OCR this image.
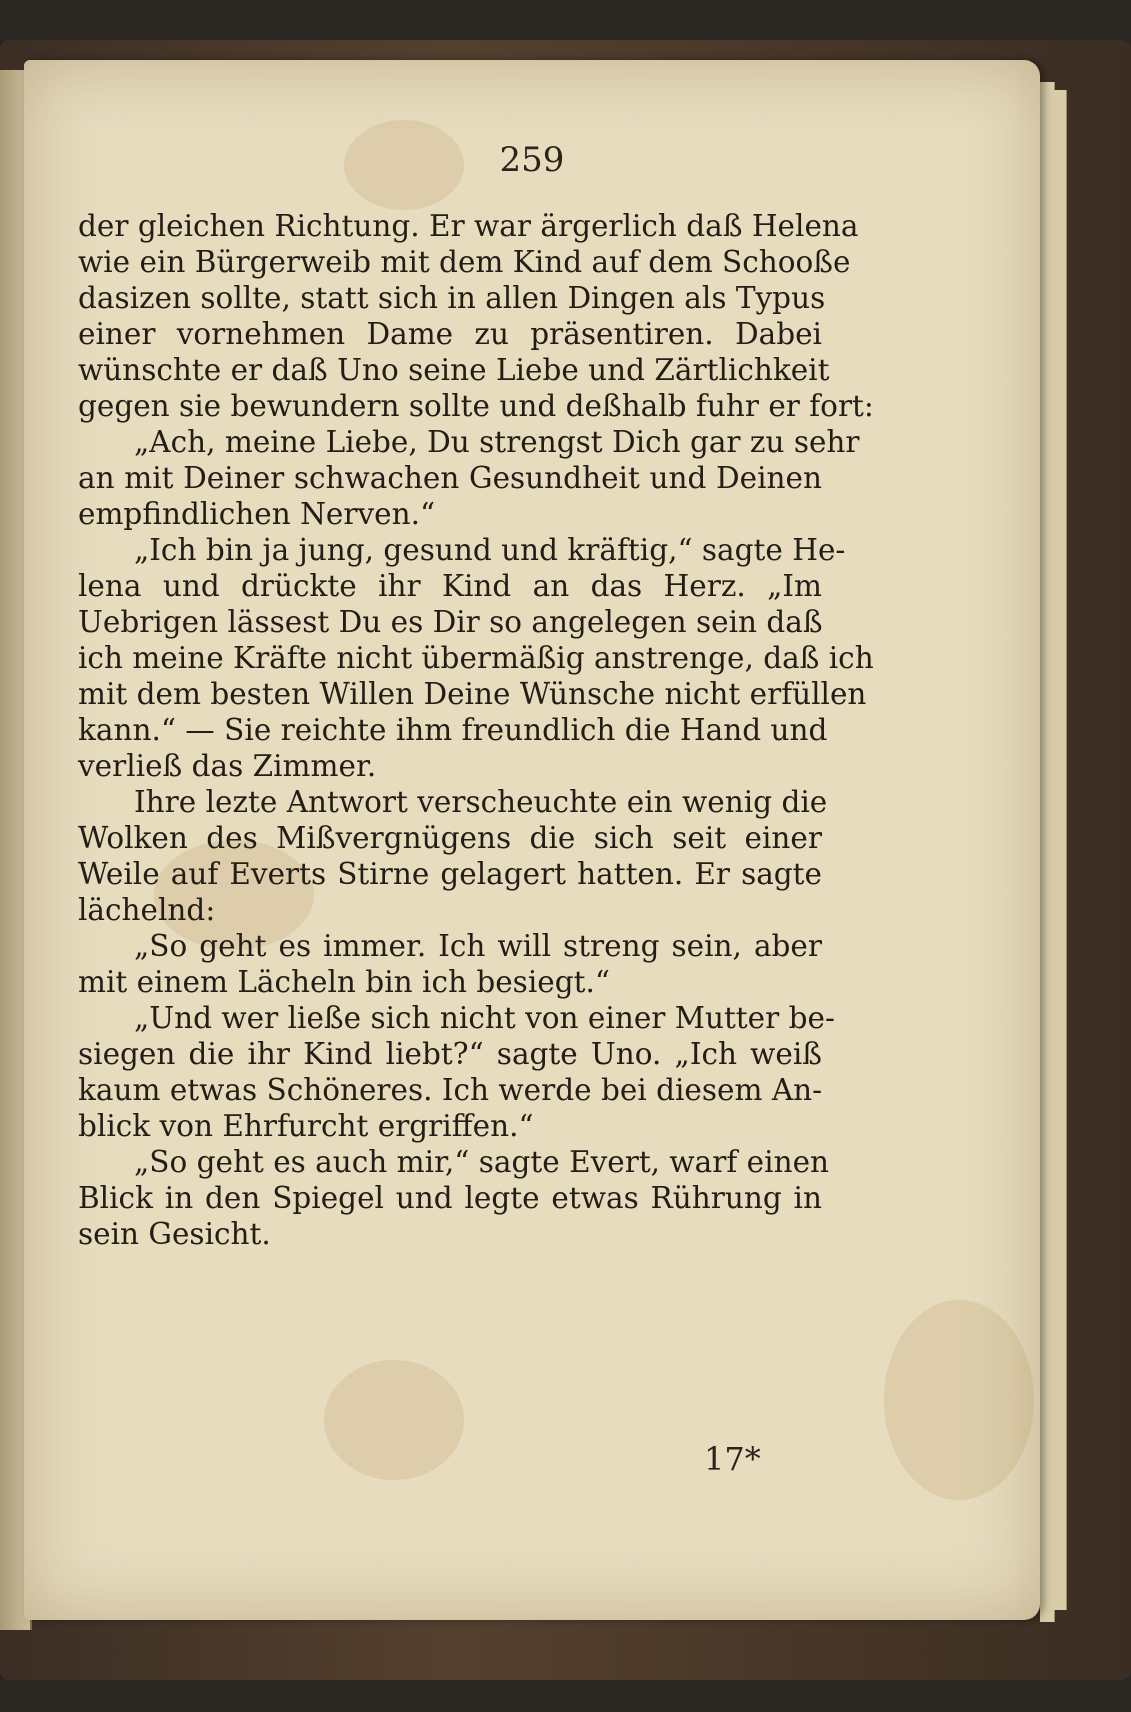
259
der gleichen Richtung. Er war ärgerlich daß Helena
wie ein Bürgerweib mit dem Kind auf dem Schooße
dasizen sollte, statt sich in allen Dingen als Typus
einer vornehmen Dame zu präsentiren. Dabei
wünschte er daß Uno seine Liebe und Zärtlichkeit
gegen sie bewundern sollte und deßhalb fuhr er fort:
„Ach, meine Liebe, Du strengst Dich gar zu sehr
an mit Deiner schwachen Gesundheit und Deinen
empfindlichen Nerven.“
„Ich bin ja jung, gesund und kräftig,“ sagte He-
lena und drückte ihr Kind an das Herz. „Im
Uebrigen lässest Du es Dir so angelegen sein daß
ich meine Kräfte nicht übermäßig anstrenge, daß ich
mit dem besten Willen Deine Wünsche nicht erfüllen
kann.“ — Sie reichte ihm freundlich die Hand und
verließ das Zimmer.
Ihre lezte Antwort verscheuchte ein wenig die
Wolken des Mißvergnügens die sich seit einer
Weile auf Everts Stirne gelagert hatten. Er sagte
lächelnd:
„So geht es immer. Ich will streng sein, aber
mit einem Lächeln bin ich besiegt.“
„Und wer ließe sich nicht von einer Mutter be-
siegen die ihr Kind liebt?“ sagte Uno. „Ich weiß
kaum etwas Schöneres. Ich werde bei diesem An-
blick von Ehrfurcht ergriffen.“
„So geht es auch mir,“ sagte Evert, warf einen
Blick in den Spiegel und legte etwas Rührung in
sein Gesicht.
17*
